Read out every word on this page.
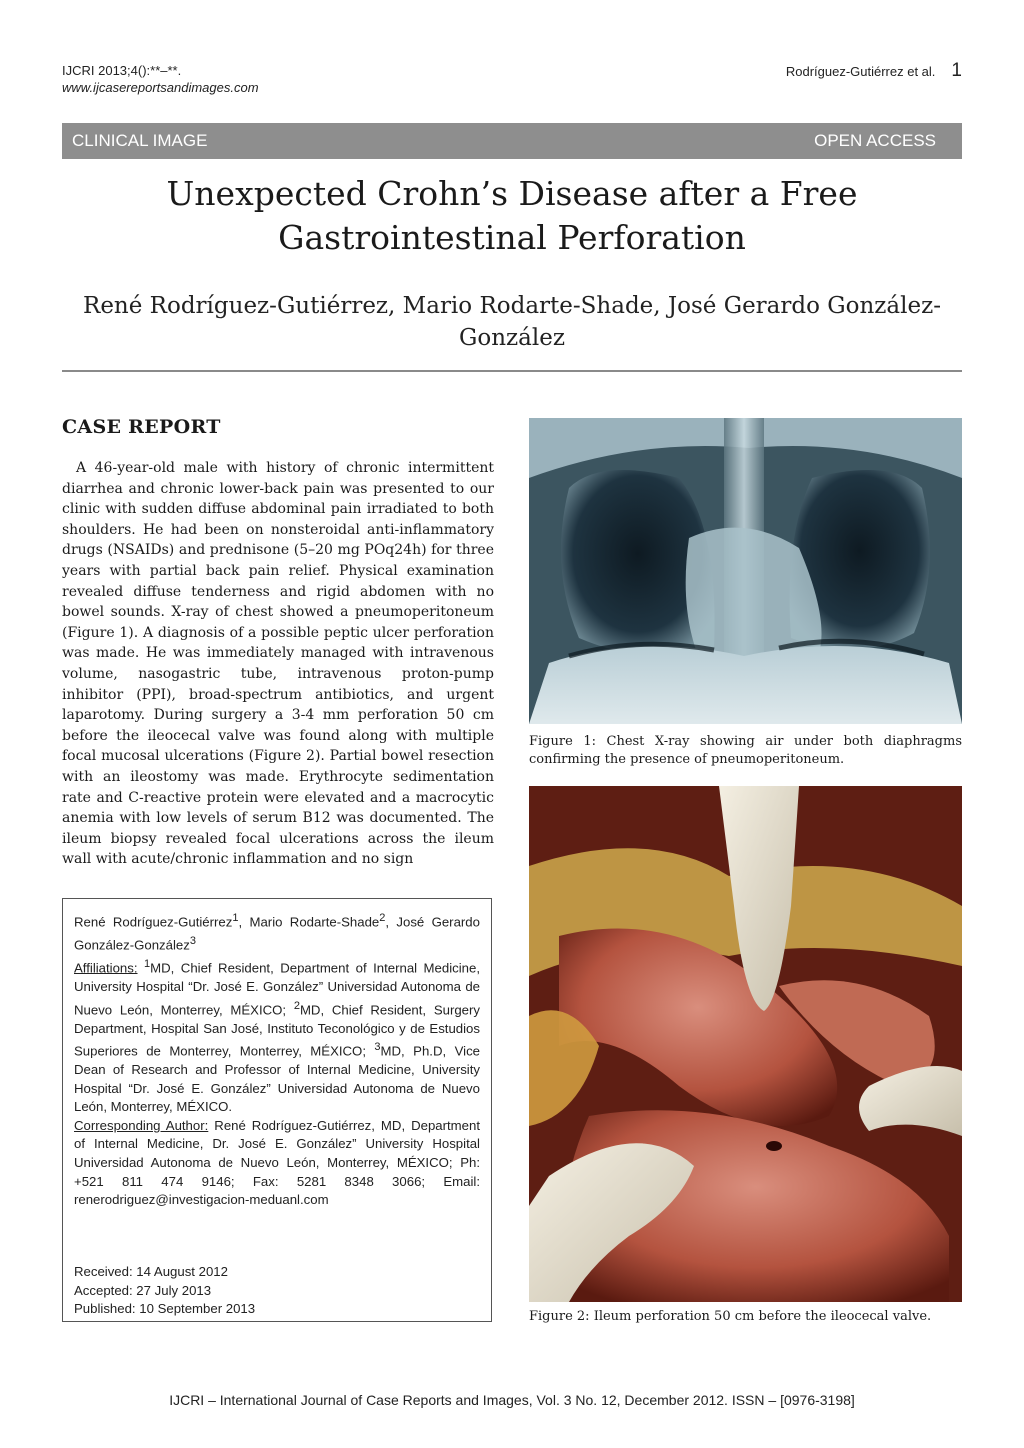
IJCRI 2013;4():**–**.
www.ijcasereportsandimages.com
Rodríguez-Gutiérrez et al. 1
CLINICAL IMAGE	OPEN ACCESS
Unexpected Crohn’s Disease after a Free Gastrointestinal Perforation
René Rodríguez-Gutiérrez, Mario Rodarte-Shade, José Gerardo González-González
CASE REPORT

A 46-year-old male with history of chronic intermittent diarrhea and chronic lower-back pain was presented to our clinic with sudden diffuse abdominal pain irradiated to both shoulders. He had been on nonsteroidal anti-inflammatory drugs (NSAIDs) and prednisone (5–20 mg POq24h) for three years with partial back pain relief. Physical examination revealed diffuse tenderness and rigid abdomen with no bowel sounds. X-ray of chest showed a pneumoperitoneum (Figure 1). A diagnosis of a possible peptic ulcer perforation was made. He was immediately managed with intravenous volume, nasogastric tube, intravenous proton-pump inhibitor (PPI), broad-spectrum antibiotics, and urgent laparotomy. During surgery a 3-4 mm perforation 50 cm before the ileocecal valve was found along with multiple focal mucosal ulcerations (Figure 2). Partial bowel resection with an ileostomy was made. Erythrocyte sedimentation rate and C-reactive protein were elevated and a macrocytic anemia with low levels of serum B12 was documented. The ileum biopsy revealed focal ulcerations across the ileum wall with acute/chronic inflammation and no sign

René Rodríguez-Gutiérrez$^1$, Mario Rodarte-Shade$^2$, José Gerardo González-González$^3$

Affiliations: $^1$MD, Chief Resident, Department of Internal Medicine, University Hospital “Dr. José E. González” Universidad Autonoma de Nuevo León, Monterrey, MÉXICO; $^2$MD, Chief Resident, Surgery Department, Hospital San José, Instituto Teconológico y de Estudios Superiores de Monterrey, Monterrey, MÉXICO; $^3$MD, Ph.D, Vice Dean of Research and Professor of Internal Medicine, University Hospital “Dr. José E. González” Universidad Autonoma de Nuevo León, Monterrey, MÉXICO.

Corresponding Author: René Rodríguez-Gutiérrez, MD, Department of Internal Medicine, Dr. José E. González” University Hospital Universidad Autonoma de Nuevo León, Monterrey, MÉXICO; Ph: +521 811 474 9146; Fax: 5281 8348 3066; Email: renerodriguez@investigacion-meduanl.com

Received: 14 August 2012
Accepted: 27 July 2013
Published: 10 September 2013
Figure 1: Chest X-ray showing air under both diaphragms confirming the presence of pneumoperitoneum.
Figure 2: Ileum perforation 50 cm before the ileocecal valve.
IJCRI – International Journal of Case Reports and Images, Vol. 3 No. 12, December 2012. ISSN – [0976-3198]
